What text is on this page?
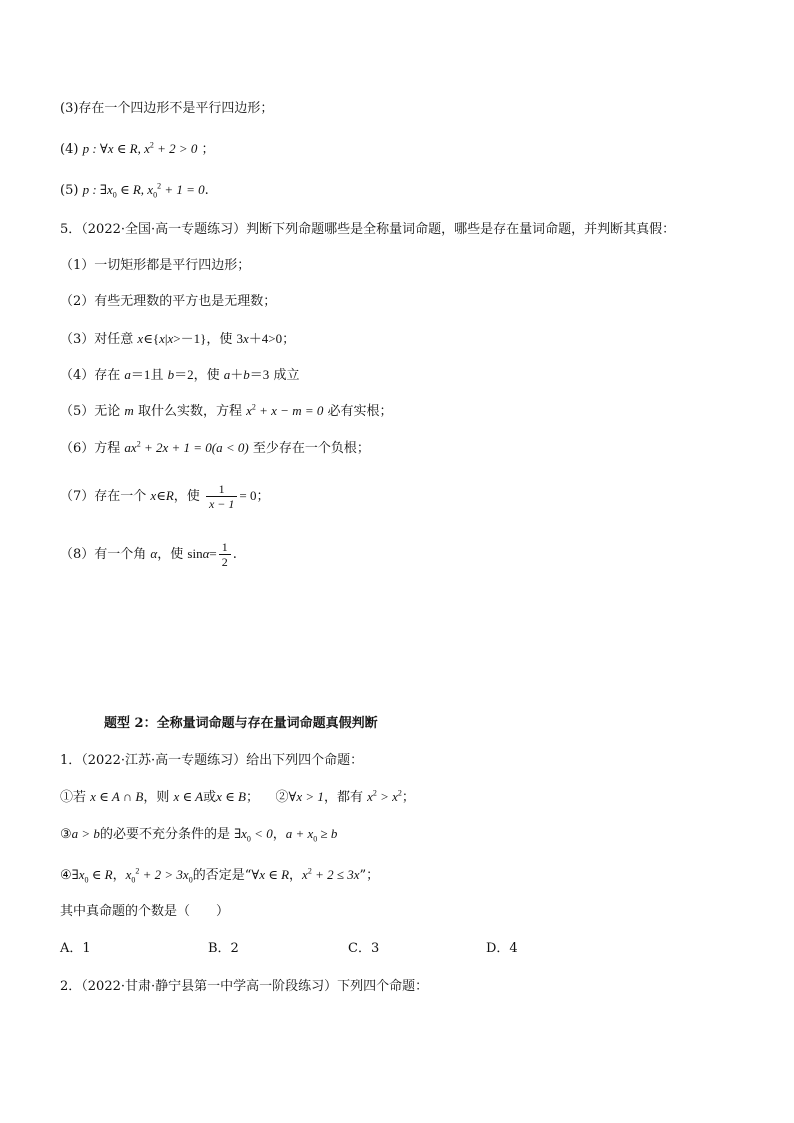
(3)存在一个四边形不是平行四边形；
(4) p : ∀x ∈ R, $x^2 + 2 > 0$ ；
(5) p : $\exists x_0$ ∈ R, $x_0^2 + 1 = 0$.
5．（2022·全国·高一专题练习）判断下列命题哪些是全称量词命题，哪些是存在量词命题，并判断其真假：
（1）一切矩形都是平行四边形；
（2）有些无理数的平方也是无理数；
（3）对任意 x∈{x|x>－1}，使 3x＋4>0；
（4）存在 a＝1且 b＝2，使 a＋b＝3 成立
（5）无论 m 取什么实数，方程 $x^2 + x - m = 0$ 必有实根；
（6）方程 $ax^2 + 2x + 1 = 0(a < 0)$ 至少存在一个负根；
（7）存在一个 x∈R，使 $\frac{1}{x - 1} = 0$；
（8）有一个角 α，使 $\sin\alpha= \frac{1}{2}$ .
题型 2：全称量词命题与存在量词命题真假判断
1．（2022·江苏·高一专题练习）给出下列四个命题：
①若 x ∈ A ∩ B，则 x ∈ A或x ∈ B； ②∀x > 1，都有 $x^2 > x^2$；
③a > b的必要不充分条件的是 $\exists x_0 < 0$，$a + x_0 \ge b$
$④\exists x_0$ ∈ R，$x_0^2 + 2 > 3x_0$的否定是“∀x ∈ R，$x^2 + 2 \le 3x$”；
其中真命题的个数是（　　）
A．1	B．2	C．3	D．4
2．（2022·甘肃·静宁县第一中学高一阶段练习）下列四个命题：
